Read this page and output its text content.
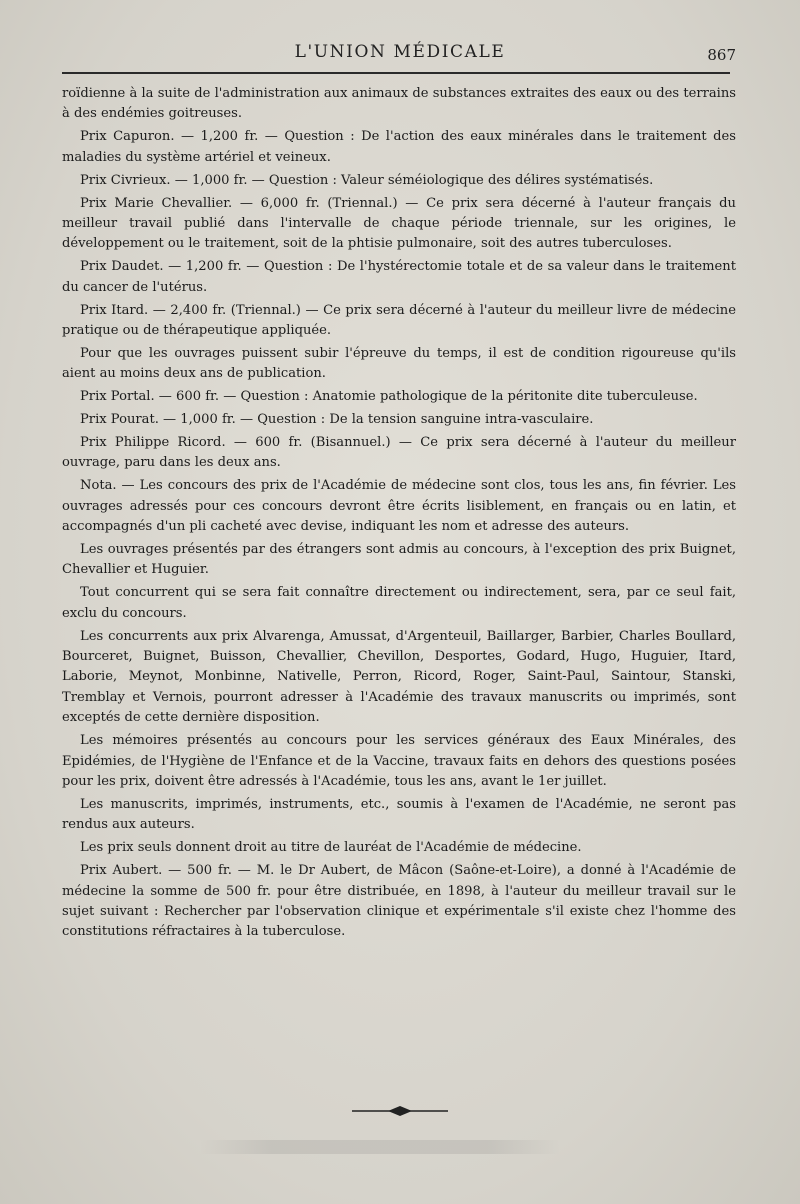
L'UNION MÉDICALE	867

roïdienne à la suite de l'administration aux animaux de substances extraites des eaux ou des terrains à des endémies goitreuses.

Prix Capuron. — 1,200 fr. — Question : De l'action des eaux minérales dans le traitement des maladies du système artériel et veineux.

Prix Civrieux. — 1,000 fr. — Question : Valeur séméiologique des délires systématisés.

Prix Marie Chevallier. — 6,000 fr. (Triennal.) — Ce prix sera décerné à l'auteur français du meilleur travail publié dans l'intervalle de chaque période triennale, sur les origines, le développement ou le traitement, soit de la phtisie pulmonaire, soit des autres tuberculoses.

Prix Daudet. — 1,200 fr. — Question : De l'hystérectomie totale et de sa valeur dans le traitement du cancer de l'utérus.

Prix Itard. — 2,400 fr. (Triennal.) — Ce prix sera décerné à l'auteur du meilleur livre de médecine pratique ou de thérapeutique appliquée.

Pour que les ouvrages puissent subir l'épreuve du temps, il est de condition rigoureuse qu'ils aient au moins deux ans de publication.

Prix Portal. — 600 fr. — Question : Anatomie pathologique de la péritonite dite tuberculeuse.

Prix Pourat. — 1,000 fr. — Question : De la tension sanguine intra-vasculaire.

Prix Philippe Ricord. — 600 fr. (Bisannuel.) — Ce prix sera décerné à l'auteur du meilleur ouvrage, paru dans les deux ans.

Nota. — Les concours des prix de l'Académie de médecine sont clos, tous les ans, fin février. Les ouvrages adressés pour ces concours devront être écrits lisiblement, en français ou en latin, et accompagnés d'un pli cacheté avec devise, indiquant les nom et adresse des auteurs.

Les ouvrages présentés par des étrangers sont admis au concours, à l'exception des prix Buignet, Chevallier et Huguier.

Tout concurrent qui se sera fait connaître directement ou indirectement, sera, par ce seul fait, exclu du concours.

Les concurrents aux prix Alvarenga, Amussat, d'Argenteuil, Baillarger, Barbier, Charles Boullard, Bourceret, Buignet, Buisson, Chevallier, Chevillon, Desportes, Godard, Hugo, Huguier, Itard, Laborie, Meynot, Monbinne, Nativelle, Perron, Ricord, Roger, Saint-Paul, Saintour, Stanski, Tremblay et Vernois, pourront adresser à l'Académie des travaux manuscrits ou imprimés, sont exceptés de cette dernière disposition.

Les mémoires présentés au concours pour les services généraux des Eaux Minérales, des Epidémies, de l'Hygiène de l'Enfance et de la Vaccine, travaux faits en dehors des questions posées pour les prix, doivent être adressés à l'Académie, tous les ans, avant le 1er juillet.

Les manuscrits, imprimés, instruments, etc., soumis à l'examen de l'Académie, ne seront pas rendus aux auteurs.

Les prix seuls donnent droit au titre de lauréat de l'Académie de médecine.

Prix Aubert. — 500 fr. — M. le Dr Aubert, de Mâcon (Saône-et-Loire), a donné à l'Académie de médecine la somme de 500 fr. pour être distribuée, en 1898, à l'auteur du meilleur travail sur le sujet suivant : Rechercher par l'observation clinique et expérimentale s'il existe chez l'homme des constitutions réfractaires à la tuberculose.
